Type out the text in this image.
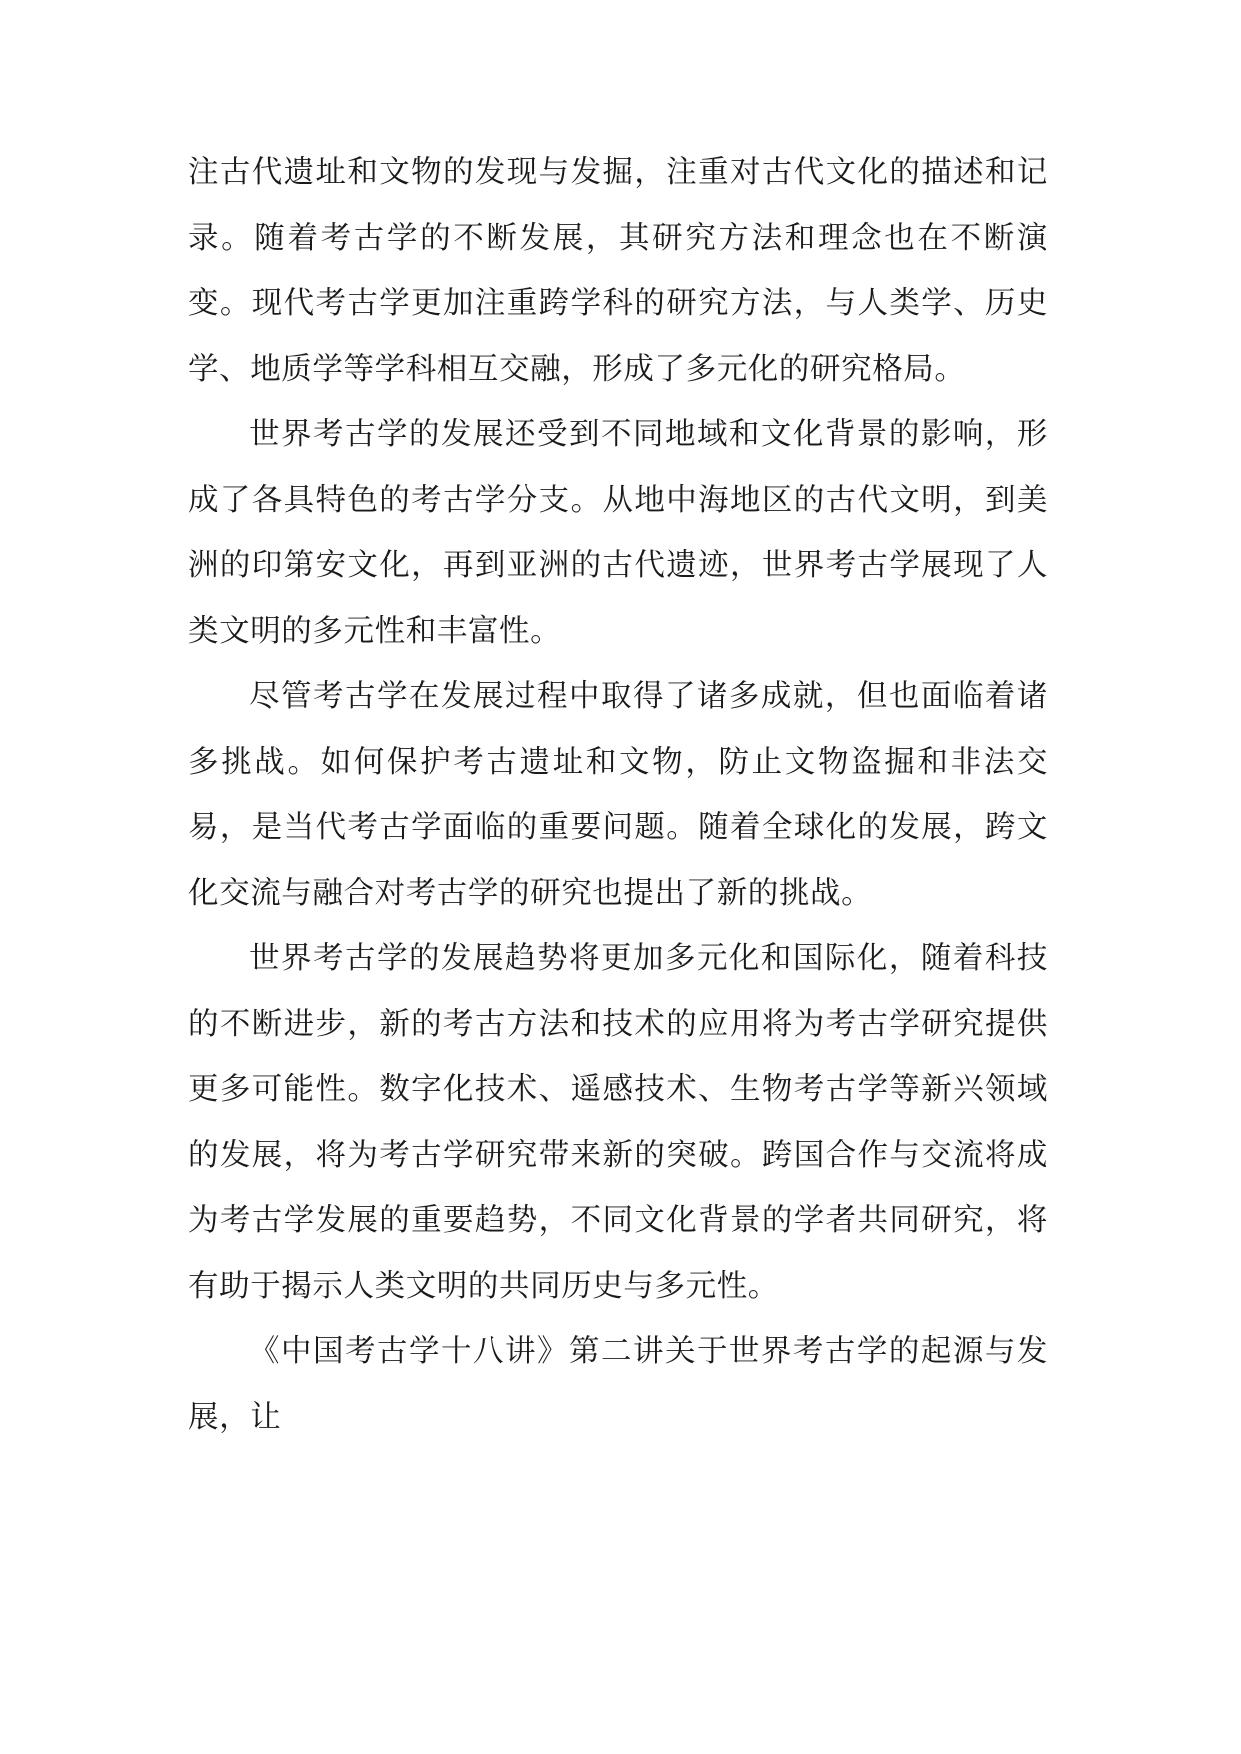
注古代遗址和文物的发现与发掘，注重对古代文化的描述和记录。随着考古学的不断发展，其研究方法和理念也在不断演变。现代考古学更加注重跨学科的研究方法，与人类学、历史学、地质学等学科相互交融，形成了多元化的研究格局。

世界考古学的发展还受到不同地域和文化背景的影响，形成了各具特色的考古学分支。从地中海地区的古代文明，到美洲的印第安文化，再到亚洲的古代遗迹，世界考古学展现了人类文明的多元性和丰富性。

尽管考古学在发展过程中取得了诸多成就，但也面临着诸多挑战。如何保护考古遗址和文物，防止文物盗掘和非法交易，是当代考古学面临的重要问题。随着全球化的发展，跨文化交流与融合对考古学的研究也提出了新的挑战。

世界考古学的发展趋势将更加多元化和国际化，随着科技的不断进步，新的考古方法和技术的应用将为考古学研究提供更多可能性。数字化技术、遥感技术、生物考古学等新兴领域的发展，将为考古学研究带来新的突破。跨国合作与交流将成为考古学发展的重要趋势，不同文化背景的学者共同研究，将有助于揭示人类文明的共同历史与多元性。

《中国考古学十八讲》第二讲关于世界考古学的起源与发展，让
